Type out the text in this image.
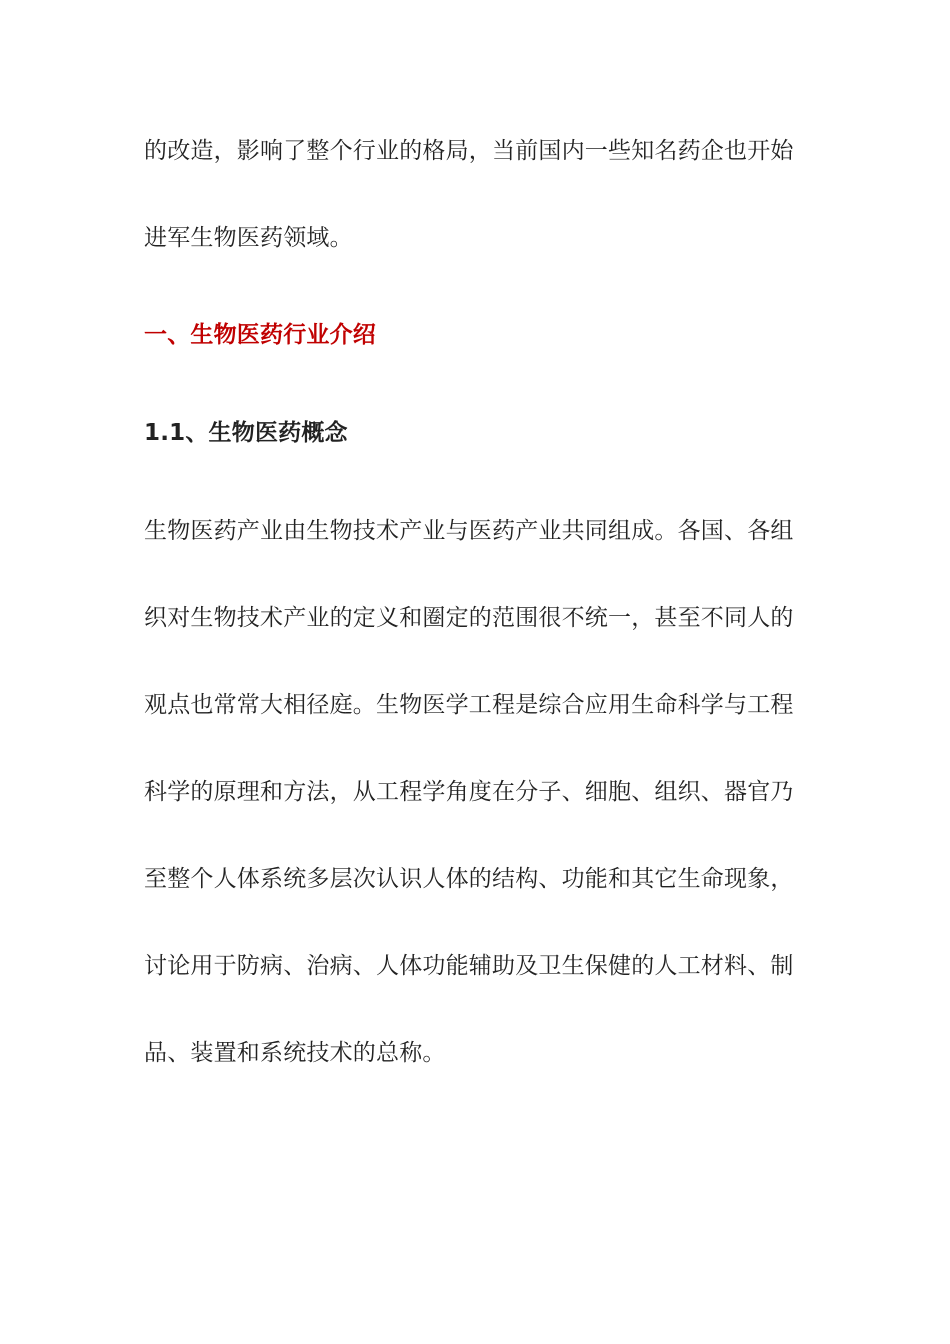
的改造，影响了整个行业的格局，当前国内一些知名药企也开始
进军生物医药领域。
一、生物医药行业介绍
1.1、生物医药概念
生物医药产业由生物技术产业与医药产业共同组成。各国、各组
织对生物技术产业的定义和圈定的范围很不统一，甚至不同人的
观点也常常大相径庭。生物医学工程是综合应用生命科学与工程
科学的原理和方法，从工程学角度在分子、细胞、组织、器官乃
至整个人体系统多层次认识人体的结构、功能和其它生命现象，
讨论用于防病、治病、人体功能辅助及卫生保健的人工材料、制
品、装置和系统技术的总称。
